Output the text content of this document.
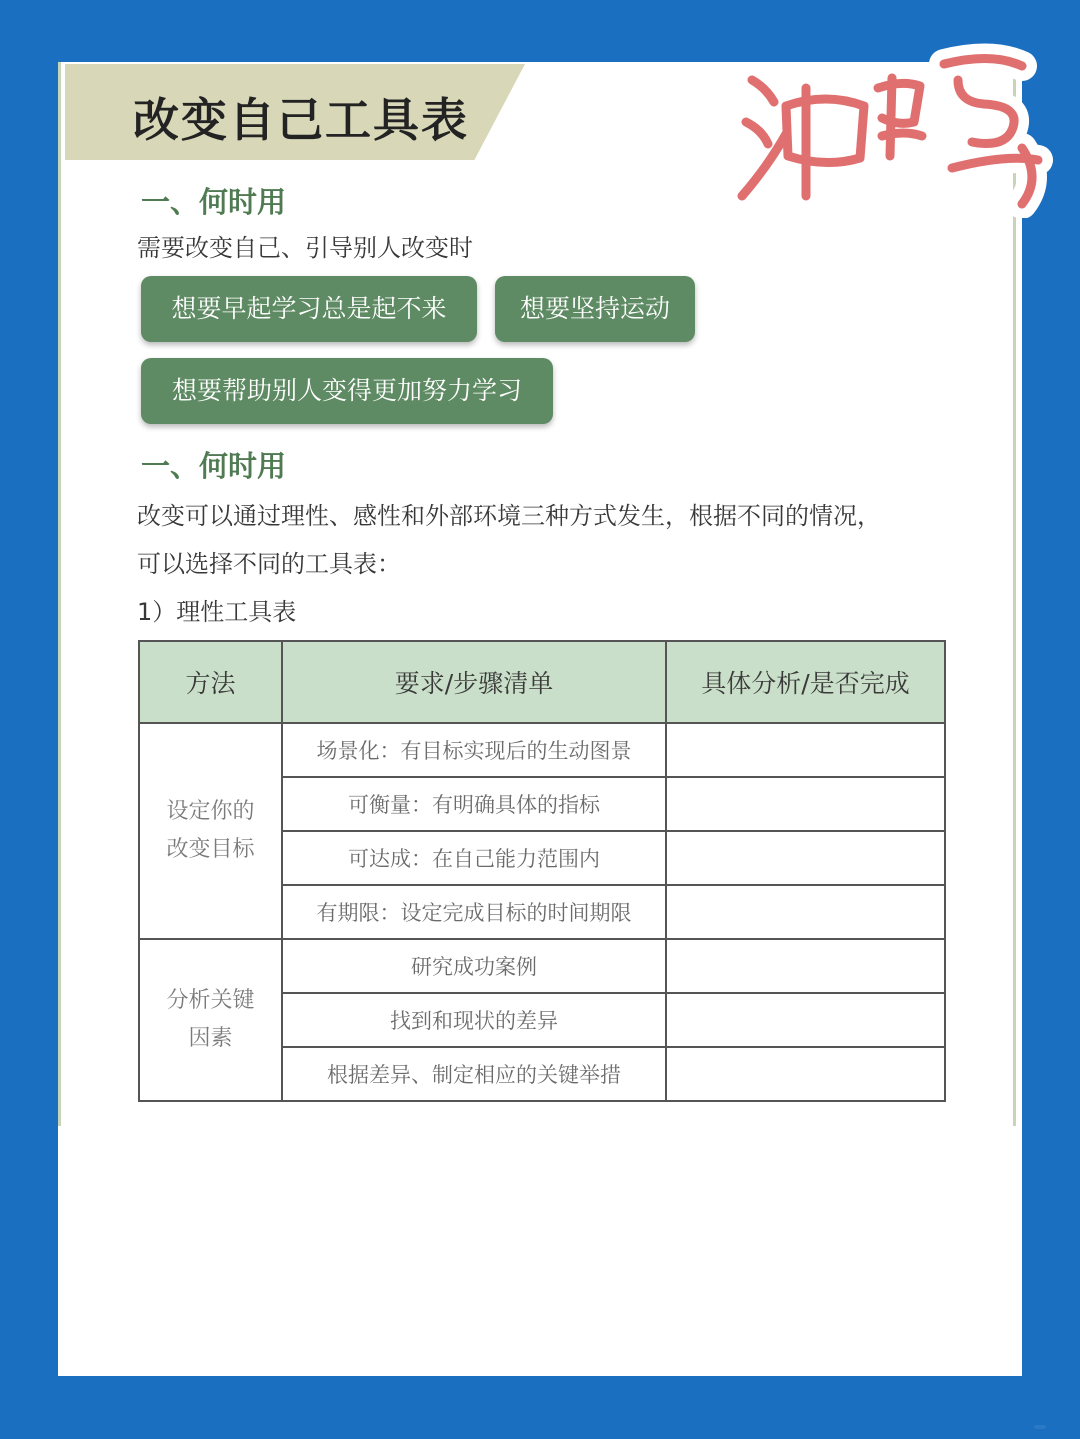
改变自己工具表
一、何时用
需要改变自己、引导别人改变时
想要早起学习总是起不来	想要坚持运动
想要帮助别人变得更加努力学习
一、何时用
改变可以通过理性、感性和外部环境三种方式发生，根据不同的情况，
可以选择不同的工具表：
1）理性工具表
方法	要求/步骤清单	具体分析/是否完成

设定你的
改变目标	场景化：有目标实现后的生动图景	
	可衡量：有明确具体的指标	
	可达成：在自己能力范围内	
	有期限：设定完成目标的时间期限	

分析关键
因素	研究成功案例	
	找到和现状的差异	
	根据差异、制定相应的关键举措	
